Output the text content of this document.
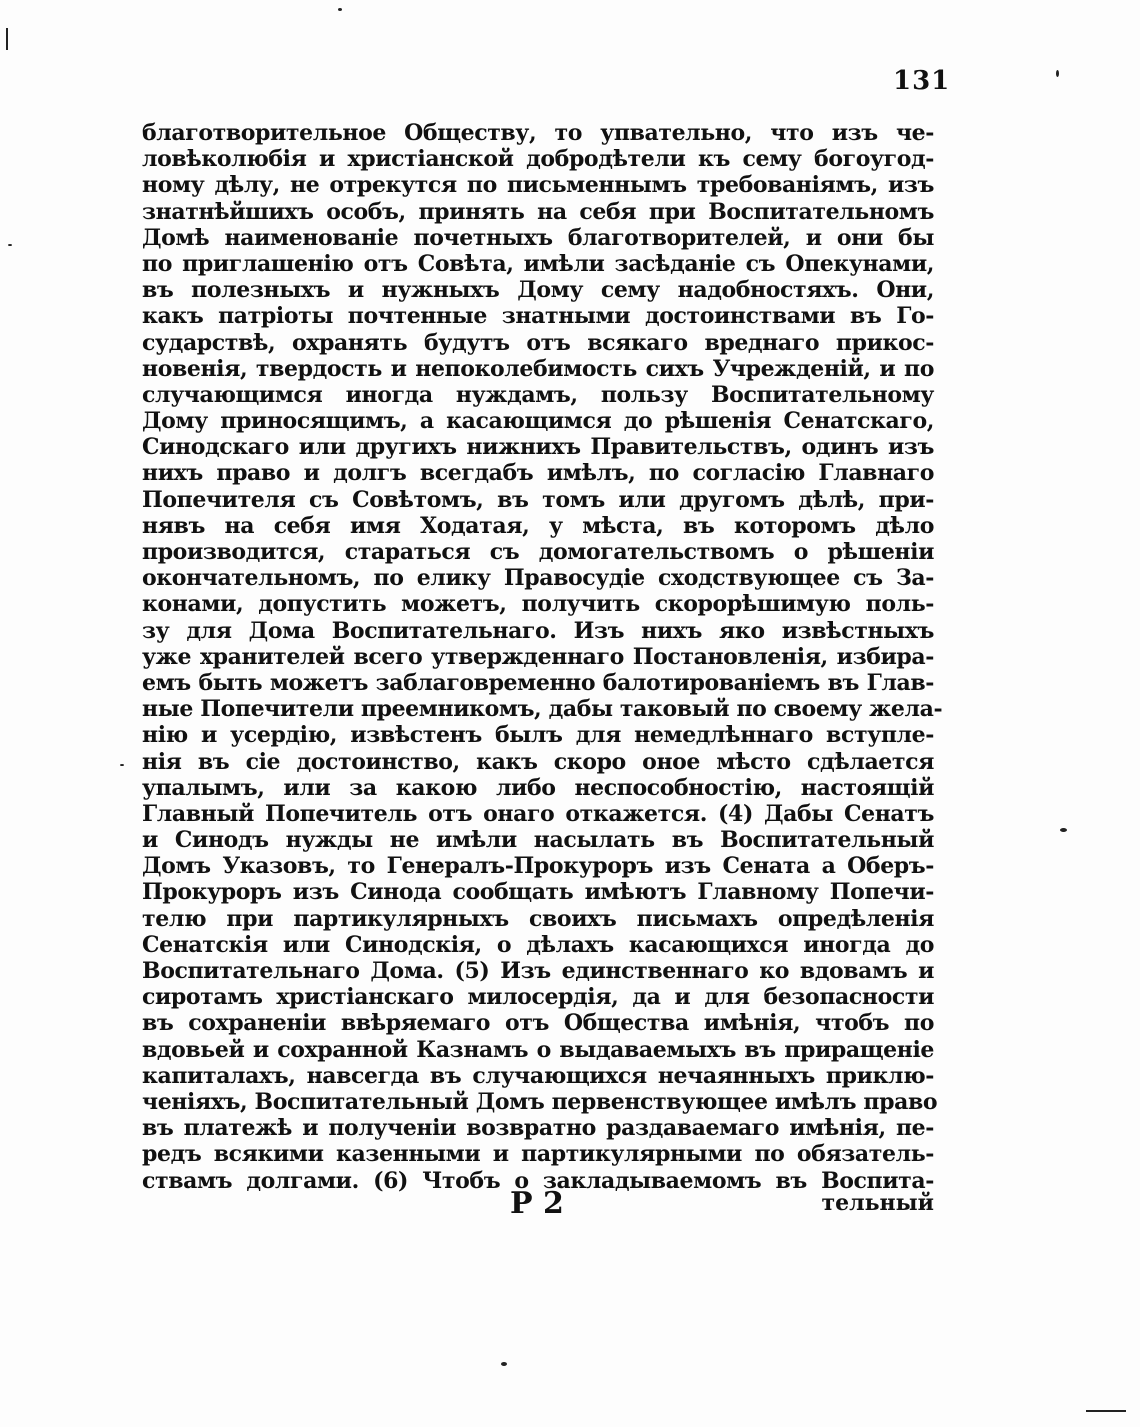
131
благотворительное Обществу, то упвательно, что изъ че-
ловѣколюбія и христіанской добродѣтели къ сему богоугод-
ному дѣлу, не отрекутся по письменнымъ требованіямъ, изъ
знатнѣйшихъ особъ, принять на себя при Воспитательномъ
Домѣ наименованіе почетныхъ благотворителей, и они бы
по приглашенію отъ Совѣта, имѣли засѣданіе съ Опекунами,
въ полезныхъ и нужныхъ Дому сему надобностяхъ. Они,
какъ патріоты почтенные знатными достоинствами въ Го-
сударствѣ, охранять будутъ отъ всякаго вреднаго прикос-
новенія, твердость и непоколебимость сихъ Учрежденій, и по
случающимся иногда нуждамъ, пользу Воспитательному
Дому приносящимъ, а касающимся до рѣшенія Сенатскаго,
Синодскаго или другихъ нижнихъ Правительствъ, одинъ изъ
нихъ право и долгъ всегдабъ имѣлъ, по согласію Главнаго
Попечителя съ Совѣтомъ, въ томъ или другомъ дѣлѣ, при-
нявъ на себя имя Ходатая, у мѣста, въ которомъ дѣло
производится, стараться съ домогательствомъ о рѣшеніи
окончательномъ, по елику Правосудіе сходствующее съ За-
конами, допустить можетъ, получить скорорѣшимую поль-
зу для Дома Воспитательнаго. Изъ нихъ яко извѣстныхъ
уже хранителей всего утвержденнаго Постановленія, избира-
емъ быть можетъ заблаговременно балотированіемъ въ Глав-
ные Попечители преемникомъ, дабы таковый по своему жела-
нію и усердію, извѣстенъ былъ для немедлѣннаго вступле-
нія въ сіе достоинство, какъ скоро оное мѣсто сдѣлается
упалымъ, или за какою либо неспособностію, настоящій
Главный Попечитель отъ онаго откажется. (4) Дабы Сенатъ
и Синодъ нужды не имѣли насылать въ Воспитательный
Домъ Указовъ, то Генералъ-Прокуроръ изъ Сената а Оберъ-
Прокуроръ изъ Синода сообщать имѣютъ Главному Попечи-
телю при партикулярныхъ своихъ письмахъ опредѣленія
Сенатскія или Синодскія, о дѣлахъ касающихся иногда до
Воспитательнаго Дома. (5) Изъ единственнаго ко вдовамъ и
сиротамъ христіанскаго милосердія, да и для безопасности
въ сохраненіи ввѣряемаго отъ Общества имѣнія, чтобъ по
вдовьей и сохранной Казнамъ о выдаваемыхъ въ приращеніе
капиталахъ, навсегда въ случающихся нечаянныхъ приклю-
ченіяхъ, Воспитательный Домъ первенствующее имѣлъ право
въ платежѣ и полученіи возвратно раздаваемаго имѣнія, пе-
редъ всякими казенными и партикулярными по обязатель-
ствамъ долгами. (6) Чтобъ о закладываемомъ въ Воспита-
Р 2	тельный
